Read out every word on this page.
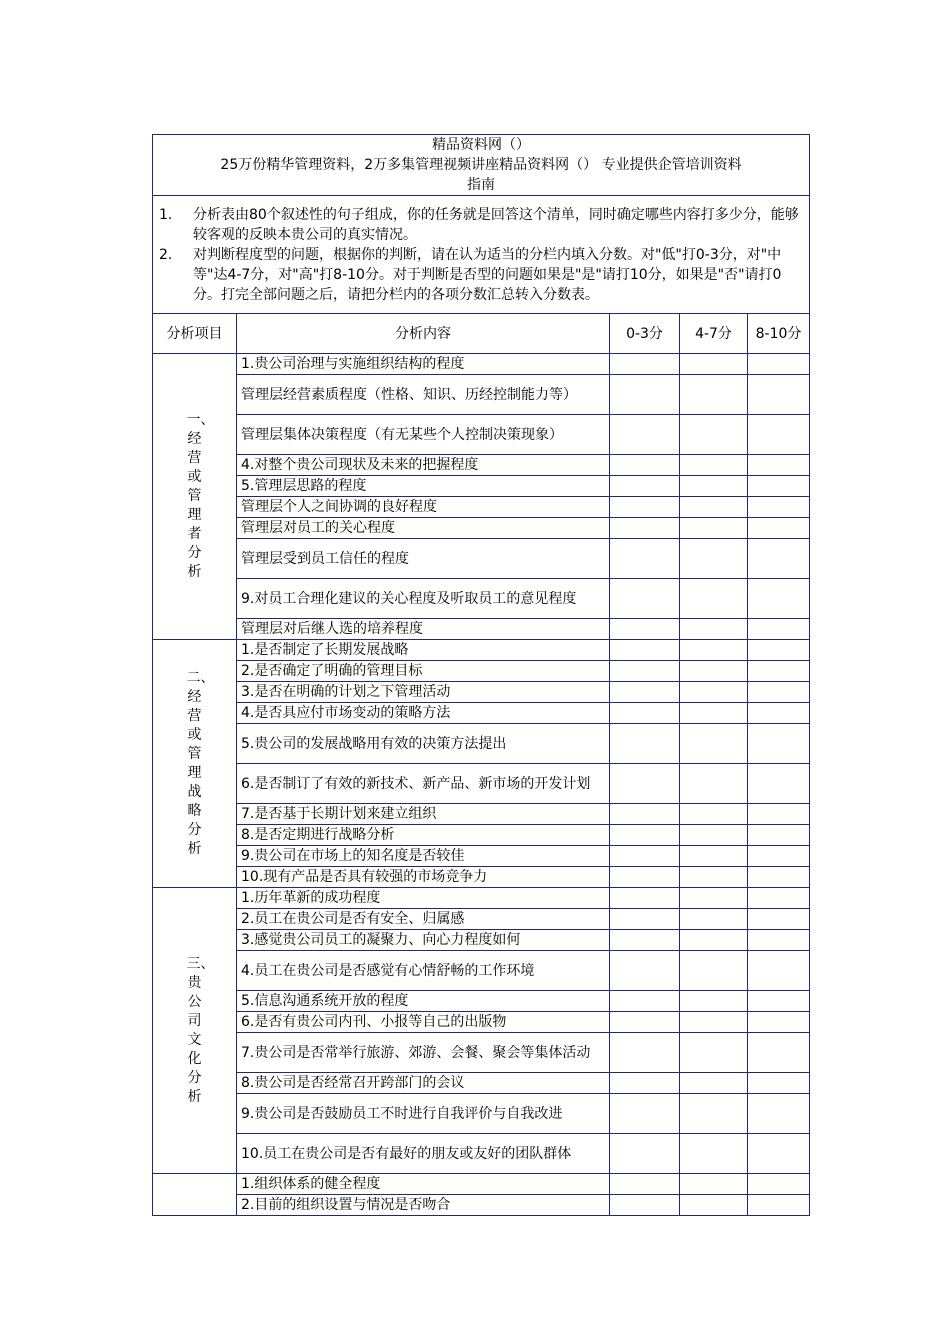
精品资料网（）
25万份精华管理资料，2万多集管理视频讲座精品资料网（） 专业提供企管培训资料
指南				

1. 分析表由80个叙述性的句子组成，你的任务就是回答这个清单，同时确定哪些内容打多少分，能够较客观的反映本贵公司的真实情况。
2. 对判断程度型的问题，根据你的判断，请在认为适当的分栏内填入分数。对"低"打0-3分，对"中等"达4-7分，对"高"打8-10分。对于判断是否型的问题如果是"是"请打10分，如果是"否"请打0分。打完全部问题之后，请把分栏内的各项分数汇总转入分数表。				

分析项目	分析内容	0-3分	4-7分	8-10分
一、经营或管理者分析	1.贵公司治理与实施组织结构的程度			
	管理层经营素质程度（性格、知识、历经控制能力等）			
	管理层集体决策程度（有无某些个人控制决策现象）			
	4.对整个贵公司现状及未来的把握程度			
	5.管理层思路的程度			
	管理层个人之间协调的良好程度			
	管理层对员工的关心程度			
	管理层受到员工信任的程度			
	9.对员工合理化建议的关心程度及听取员工的意见程度			
	管理层对后继人选的培养程度			
二、经营或管理战略分析	1.是否制定了长期发展战略			
	2.是否确定了明确的管理目标			
	3.是否在明确的计划之下管理活动			
	4.是否具应付市场变动的策略方法			
	5.贵公司的发展战略用有效的决策方法提出			
	6.是否制订了有效的新技术、新产品、新市场的开发计划			
	7.是否基于长期计划来建立组织			
	8.是否定期进行战略分析			
	9.贵公司在市场上的知名度是否较佳			
	10.现有产品是否具有较强的市场竞争力			
三、贵公司文化分析	1.历年革新的成功程度			
	2.员工在贵公司是否有安全、归属感			
	3.感觉贵公司员工的凝聚力、向心力程度如何			
	4.员工在贵公司是否感觉有心情舒畅的工作环境			
	5.信息沟通系统开放的程度			
	6.是否有贵公司内刊、小报等自己的出版物			
	7.贵公司是否常举行旅游、郊游、会餐、聚会等集体活动			
	8.贵公司是否经常召开跨部门的会议			
	9.贵公司是否鼓励员工不时进行自我评价与自我改进			
	10.员工在贵公司是否有最好的朋友或友好的团队群体			
	1.组织体系的健全程度			
	2.目前的组织设置与情况是否吻合			
